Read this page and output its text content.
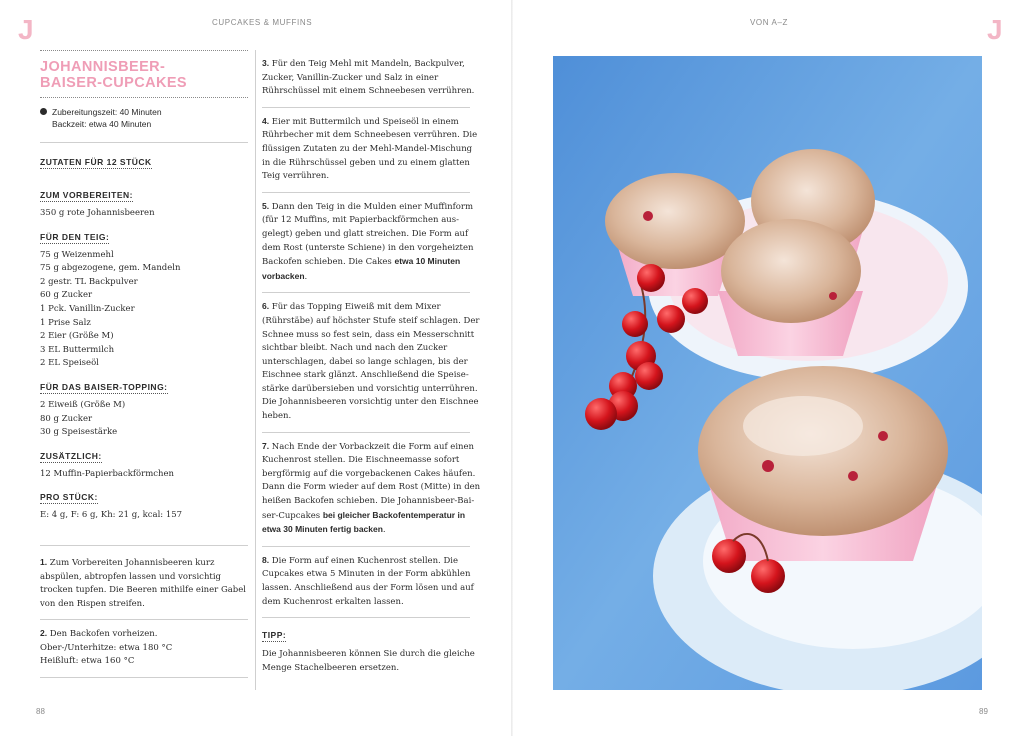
J	CUPCAKES & MUFFINS
88
JOHANNISBEER-
BAISER-CUPCAKES
Zubereitungszeit: 40 Minuten
Backzeit: etwa 40 Minuten
ZUTATEN FÜR 12 STÜCK
ZUM VORBEREITEN:
350 g rote Johannisbeeren
FÜR DEN TEIG:
75 g Weizenmehl
75 g abgezogene, gem. Mandeln
2 gestr. TL Backpulver
60 g Zucker
1 Pck. Vanillin-Zucker
1 Prise Salz
2 Eier (Größe M)
3 EL Buttermilch
2 EL Speiseöl
FÜR DAS BAISER-TOPPING:
2 Eiweiß (Größe M)
80 g Zucker
30 g Speisestärke
ZUSÄTZLICH:
12 Muffin-Papierbackförmchen
PRO STÜCK:
E: 4 g, F: 6 g, Kh: 21 g, kcal: 157
1. Zum Vorbereiten Johannisbeeren kurz
abspülen, abtropfen lassen und vorsichtig
trocken tupfen. Die Beeren mithilfe einer Gabel
von den Rispen streifen.
2. Den Backofen vorheizen.
Ober-/Unterhitze: etwa 180 °C
Heißluft: etwa 160 °C
3. Für den Teig Mehl mit Mandeln, Backpulver,
Zucker, Vanillin-Zucker und Salz in einer
Rührschüssel mit einem Schneebesen verrühren.
4. Eier mit Buttermilch und Speiseöl in einem
Rührbecher mit dem Schneebesen verrühren. Die
flüssigen Zutaten zu der Mehl-Mandel-Mischung
in die Rührschüssel geben und zu einem glatten
Teig verrühren.
5. Dann den Teig in die Mulden einer Muffinform
(für 12 Muffins, mit Papierbackförmchen aus-
gelegt) geben und glatt streichen. Die Form auf
dem Rost (unterste Schiene) in den vorgeheizten
Backofen schieben. Die Cakes etwa 10 Minuten
vorbacken.
6. Für das Topping Eiweiß mit dem Mixer
(Rührstäbe) auf höchster Stufe steif schlagen. Der
Schnee muss so fest sein, dass ein Messerschnitt
sichtbar bleibt. Nach und nach den Zucker
unterschlagen, dabei so lange schlagen, bis der
Eischnee stark glänzt. Anschließend die Speise-
stärke darübersieben und vorsichtig unterrühren.
Die Johannisbeeren vorsichtig unter den Eischnee
heben.
7. Nach Ende der Vorbackzeit die Form auf einen
Kuchenrost stellen. Die Eischneemasse sofort
bergförmig auf die vorgebackenen Cakes häufen.
Dann die Form wieder auf dem Rost (Mitte) in den
heißen Backofen schieben. Die Johannisbeer-Bai-
ser-Cupcakes bei gleicher Backofentemperatur in
etwa 30 Minuten fertig backen.
8. Die Form auf einen Kuchenrost stellen. Die
Cupcakes etwa 5 Minuten in der Form abkühlen
lassen. Anschließend aus der Form lösen und auf
dem Kuchenrost erkalten lassen.
TIPP:
Die Johannisbeeren können Sie durch die gleiche
Menge Stachelbeeren ersetzen.
J
VON A–Z
89
